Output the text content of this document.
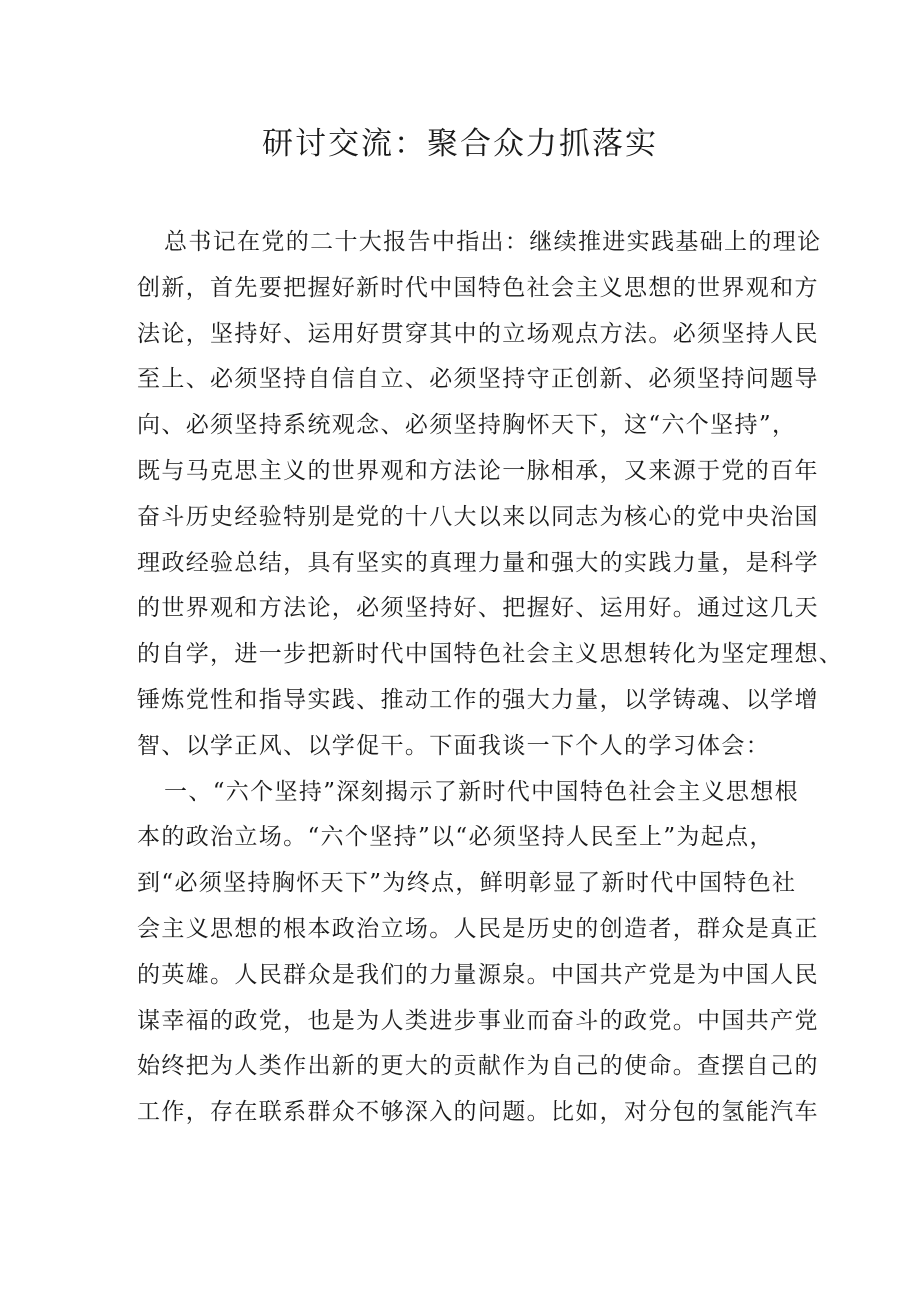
研讨交流：聚合众力抓落实
总书记在党的二十大报告中指出：继续推进实践基础上的理论
创新，首先要把握好新时代中国特色社会主义思想的世界观和方
法论，坚持好、运用好贯穿其中的立场观点方法。必须坚持人民
至上、必须坚持自信自立、必须坚持守正创新、必须坚持问题导
向、必须坚持系统观念、必须坚持胸怀天下，这“六个坚持”，
既与马克思主义的世界观和方法论一脉相承，又来源于党的百年
奋斗历史经验特别是党的十八大以来以同志为核心的党中央治国
理政经验总结，具有坚实的真理力量和强大的实践力量，是科学
的世界观和方法论，必须坚持好、把握好、运用好。通过这几天
的自学，进一步把新时代中国特色社会主义思想转化为坚定理想、
锤炼党性和指导实践、推动工作的强大力量，以学铸魂、以学增
智、以学正风、以学促干。下面我谈一下个人的学习体会：
一、“六个坚持”深刻揭示了新时代中国特色社会主义思想根
本的政治立场。“六个坚持”以“必须坚持人民至上”为起点，
到“必须坚持胸怀天下”为终点，鲜明彰显了新时代中国特色社
会主义思想的根本政治立场。人民是历史的创造者，群众是真正
的英雄。人民群众是我们的力量源泉。中国共产党是为中国人民
谋幸福的政党，也是为人类进步事业而奋斗的政党。中国共产党
始终把为人类作出新的更大的贡献作为自己的使命。查摆自己的
工作，存在联系群众不够深入的问题。比如，对分包的氢能汽车
